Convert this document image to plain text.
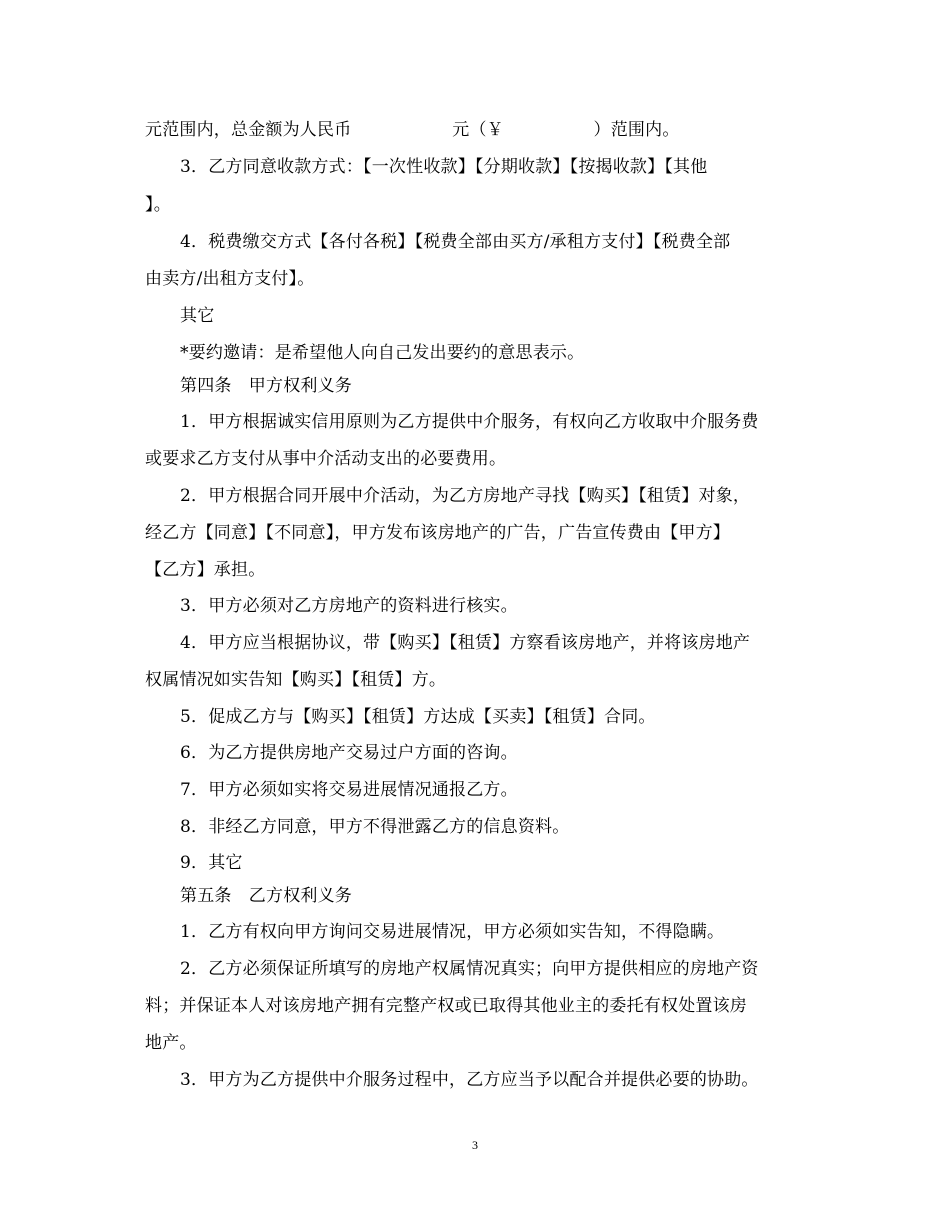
元范围内，总金额为人民币                  元（￥                ）范围内。
3．乙方同意收款方式：【一次性收款】【分期收款】【按揭收款】【其他
】。
4．税费缴交方式【各付各税】【税费全部由买方/承租方支付】【税费全部
由卖方/出租方支付】。
其它
*要约邀请：是希望他人向自己发出要约的意思表示。
第四条　甲方权利义务
1．甲方根据诚实信用原则为乙方提供中介服务，有权向乙方收取中介服务费
或要求乙方支付从事中介活动支出的必要费用。
2．甲方根据合同开展中介活动，为乙方房地产寻找【购买】【租赁】对象，
经乙方【同意】【不同意】，甲方发布该房地产的广告，广告宣传费由【甲方】
【乙方】承担。
3．甲方必须对乙方房地产的资料进行核实。
4．甲方应当根据协议，带【购买】【租赁】方察看该房地产，并将该房地产
权属情况如实告知【购买】【租赁】方。
5．促成乙方与【购买】【租赁】方达成【买卖】【租赁】合同。
6．为乙方提供房地产交易过户方面的咨询。
7．甲方必须如实将交易进展情况通报乙方。
8．非经乙方同意，甲方不得泄露乙方的信息资料。
9．其它
第五条　乙方权利义务
1．乙方有权向甲方询问交易进展情况，甲方必须如实告知，不得隐瞒。
2．乙方必须保证所填写的房地产权属情况真实；向甲方提供相应的房地产资
料；并保证本人对该房地产拥有完整产权或已取得其他业主的委托有权处置该房
地产。
3．甲方为乙方提供中介服务过程中，乙方应当予以配合并提供必要的协助。
3
